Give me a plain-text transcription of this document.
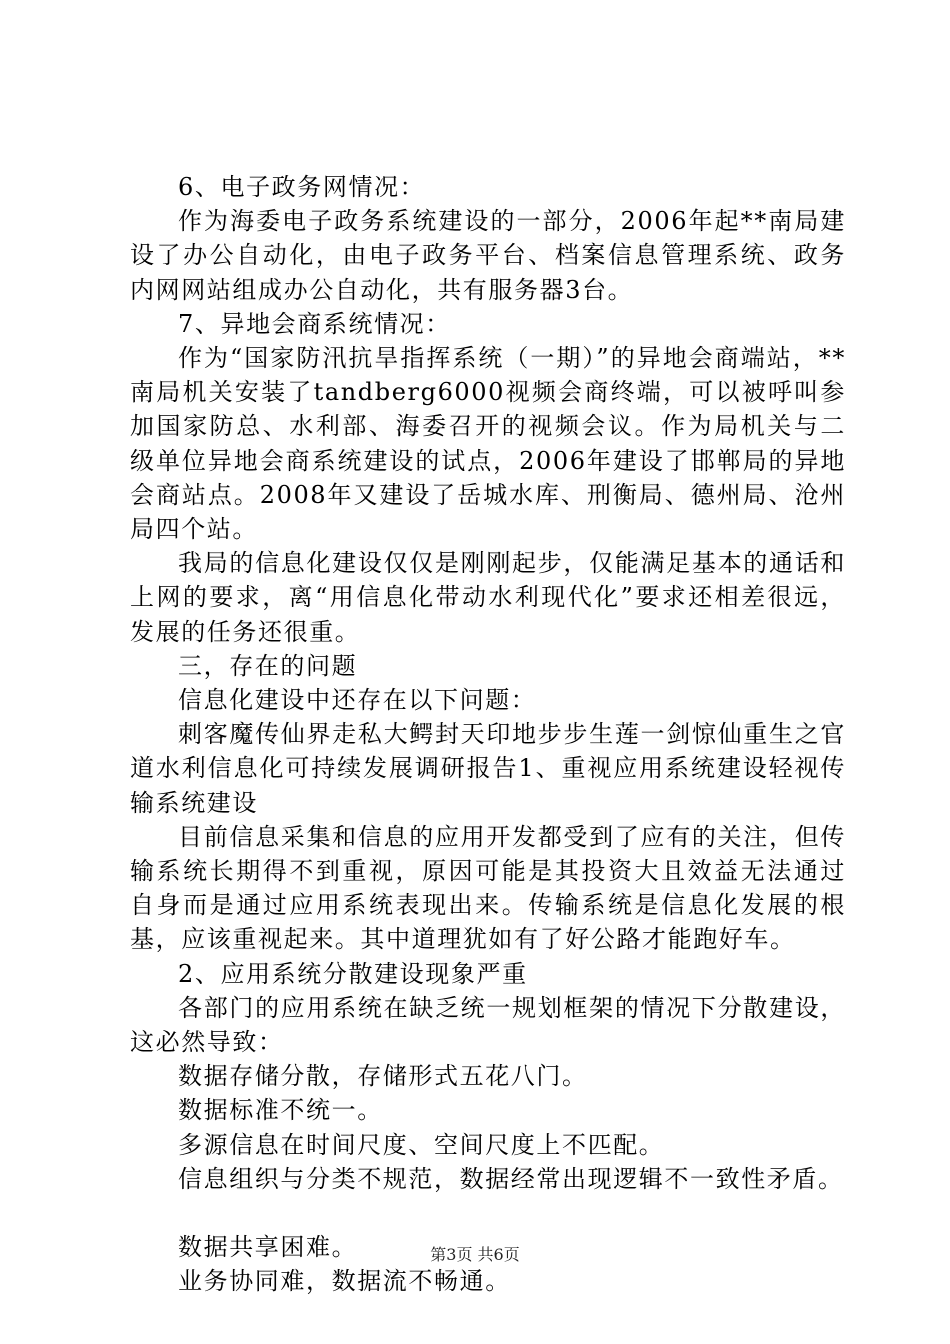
6、电子政务网情况：

作为海委电子政务系统建设的一部分，2006年起**南局建设了办公自动化，由电子政务平台、档案信息管理系统、政务内网网站组成办公自动化，共有服务器3台。

7、异地会商系统情况：

作为“国家防汛抗旱指挥系统（一期）”的异地会商端站，**南局机关安装了tandberg6000视频会商终端，可以被呼叫参加国家防总、水利部、海委召开的视频会议。作为局机关与二级单位异地会商系统建设的试点，2006年建设了邯郸局的异地会商站点。2008年又建设了岳城水库、刑衡局、德州局、沧州局四个站。

我局的信息化建设仅仅是刚刚起步，仅能满足基本的通话和上网的要求，离“用信息化带动水利现代化”要求还相差很远，发展的任务还很重。

三，存在的问题

信息化建设中还存在以下问题：

刺客魔传仙界走私大鳄封天印地步步生莲一剑惊仙重生之官道水利信息化可持续发展调研报告1、重视应用系统建设轻视传输系统建设

目前信息采集和信息的应用开发都受到了应有的关注，但传输系统长期得不到重视，原因可能是其投资大且效益无法通过自身而是通过应用系统表现出来。传输系统是信息化发展的根基，应该重视起来。其中道理犹如有了好公路才能跑好车。

2、应用系统分散建设现象严重

各部门的应用系统在缺乏统一规划框架的情况下分散建设，这必然导致：

数据存储分散，存储形式五花八门。

数据标准不统一。

多源信息在时间尺度、空间尺度上不匹配。

信息组织与分类不规范，数据经常出现逻辑不一致性矛盾。

数据共享困难。

业务协同难，数据流不畅通。

第3页 共6页
